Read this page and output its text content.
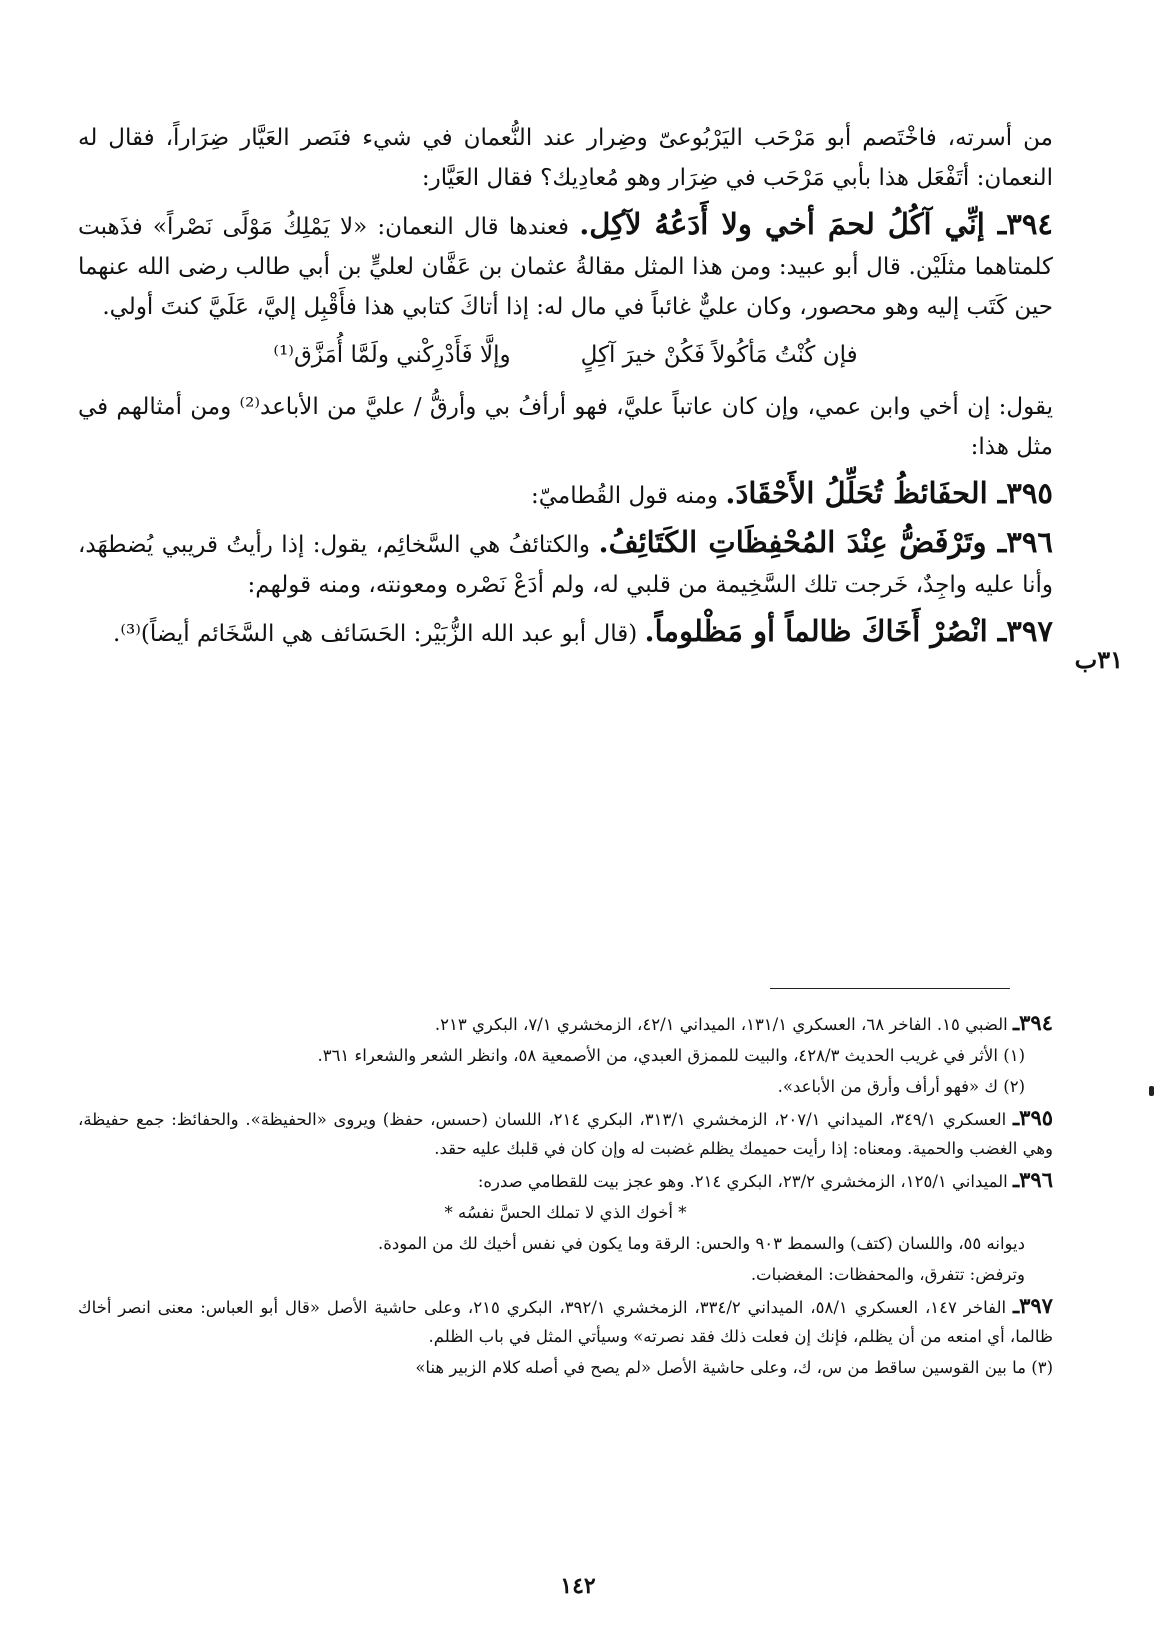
٣١ب

من أسرته، فاخْتَصم أبو مَرْحَب اليَرْبُوعىّ وضِرار عند النُّعمان في شيء فنَصر العَيَّار ضِرَاراً، فقال له النعمان: أتَفْعَل هذا بأبي مَرْحَب في ضِرَار وهو مُعادِيك؟ فقال العَيَّار:

٣٩٤ـ إنِّي آكُلُ لحمَ أخي ولا أَدَعُهُ لآكِل. فعندها قال النعمان: «لا يَمْلِكُ مَوْلًى نَصْراً» فذَهبت كلمتاهما مثلَيْن. قال أبو عبيد: ومن هذا المثل مقالةُ عثمان بن عَفَّان لعليٍّ بن أبي طالب رضى الله عنهما حين كَتَب إليه وهو محصور، وكان عليٌّ غائباً في مال له: إذا أتاكَ كتابي هذا فأَقْبِل إليَّ، عَلَيَّ كنتَ أولي.

فإن كُنْتُ مَأكُولاً فَكُنْ خيرَ آكِلٍ
وإلَّا فَأَدْرِكْني ولَمَّا أُمَزَّق⁽¹⁾

يقول: إن أخي وابن عمي، وإن كان عاتباً عليَّ، فهو أرأفُ بي وأرقُّ / عليَّ من الأباعد⁽²⁾ ومن أمثالهم في مثل هذا:

٣٩٥ـ الحفَائظُ تُحَلِّلُ الأَحْقَادَ. ومنه قول القُطاميّ:

٣٩٦ـ وتَرْفَضُّ عِنْدَ المُحْفِظَاتِ الكَتَائِفُ. والكتائفُ هي السَّخائِم، يقول: إذا رأيتُ قريبي يُضطهَد، وأنا عليه واجِدٌ، خَرجت تلك السَّخِيمة من قلبي له، ولم أدَعْ نَصْره ومعونته، ومنه قولهم:

٣٩٧ـ انْصُرْ أَخَاكَ ظالماً أو مَظْلوماً. (قال أبو عبد الله الزُّبَيْر: الحَسَائف هي السَّخَائم أيضاً)⁽³⁾.

٣٩٤ـ الضبي ١٥. الفاخر ٦٨، العسكري ١٣١/١، الميداني ٤٢/١، الزمخشري ٧/١، البكري ٢١٣.

(١) الأثر في غريب الحديث ٤٢٨/٣، والبيت للممزق العبدي، من الأصمعية ٥٨، وانظر الشعر والشعراء ٣٦١.

(٢) ك «فهو أرأف وأرق من الأباعد».

٣٩٥ـ العسكري ٣٤٩/١، الميداني ٢٠٧/١، الزمخشري ٣١٣/١، البكري ٢١٤، اللسان (حسس، حفظ) ويروى «الحفيظة». والحفائظ: جمع حفيظة، وهي الغضب والحمية. ومعناه: إذا رأيت حميمك يظلم غضبت له وإن كان في قلبك عليه حقد.

٣٩٦ـ الميداني ١٢٥/١، الزمخشري ٢٣/٢، البكري ٢١٤. وهو عجز بيت للقطامي صدره:

* أخوك الذي لا تملك الحسَّ نفسُه *

ديوانه ٥٥، واللسان (كتف) والسمط ٩٠٣ والحس: الرقة وما يكون في نفس أخيك لك من المودة.

وترفض: تتفرق، والمحفظات: المغضبات.

٣٩٧ـ الفاخر ١٤٧، العسكري ٥٨/١، الميداني ٣٣٤/٢، الزمخشري ٣٩٢/١، البكري ٢١٥، وعلى حاشية الأصل «قال أبو العباس: معنى انصر أخاك ظالما، أي امنعه من أن يظلم، فإنك إن فعلت ذلك فقد نصرته» وسيأتي المثل في باب الظلم.

(٣) ما بين القوسين ساقط من س، ك، وعلى حاشية الأصل «لم يصح في أصله كلام الزبير هنا»

١٤٢
